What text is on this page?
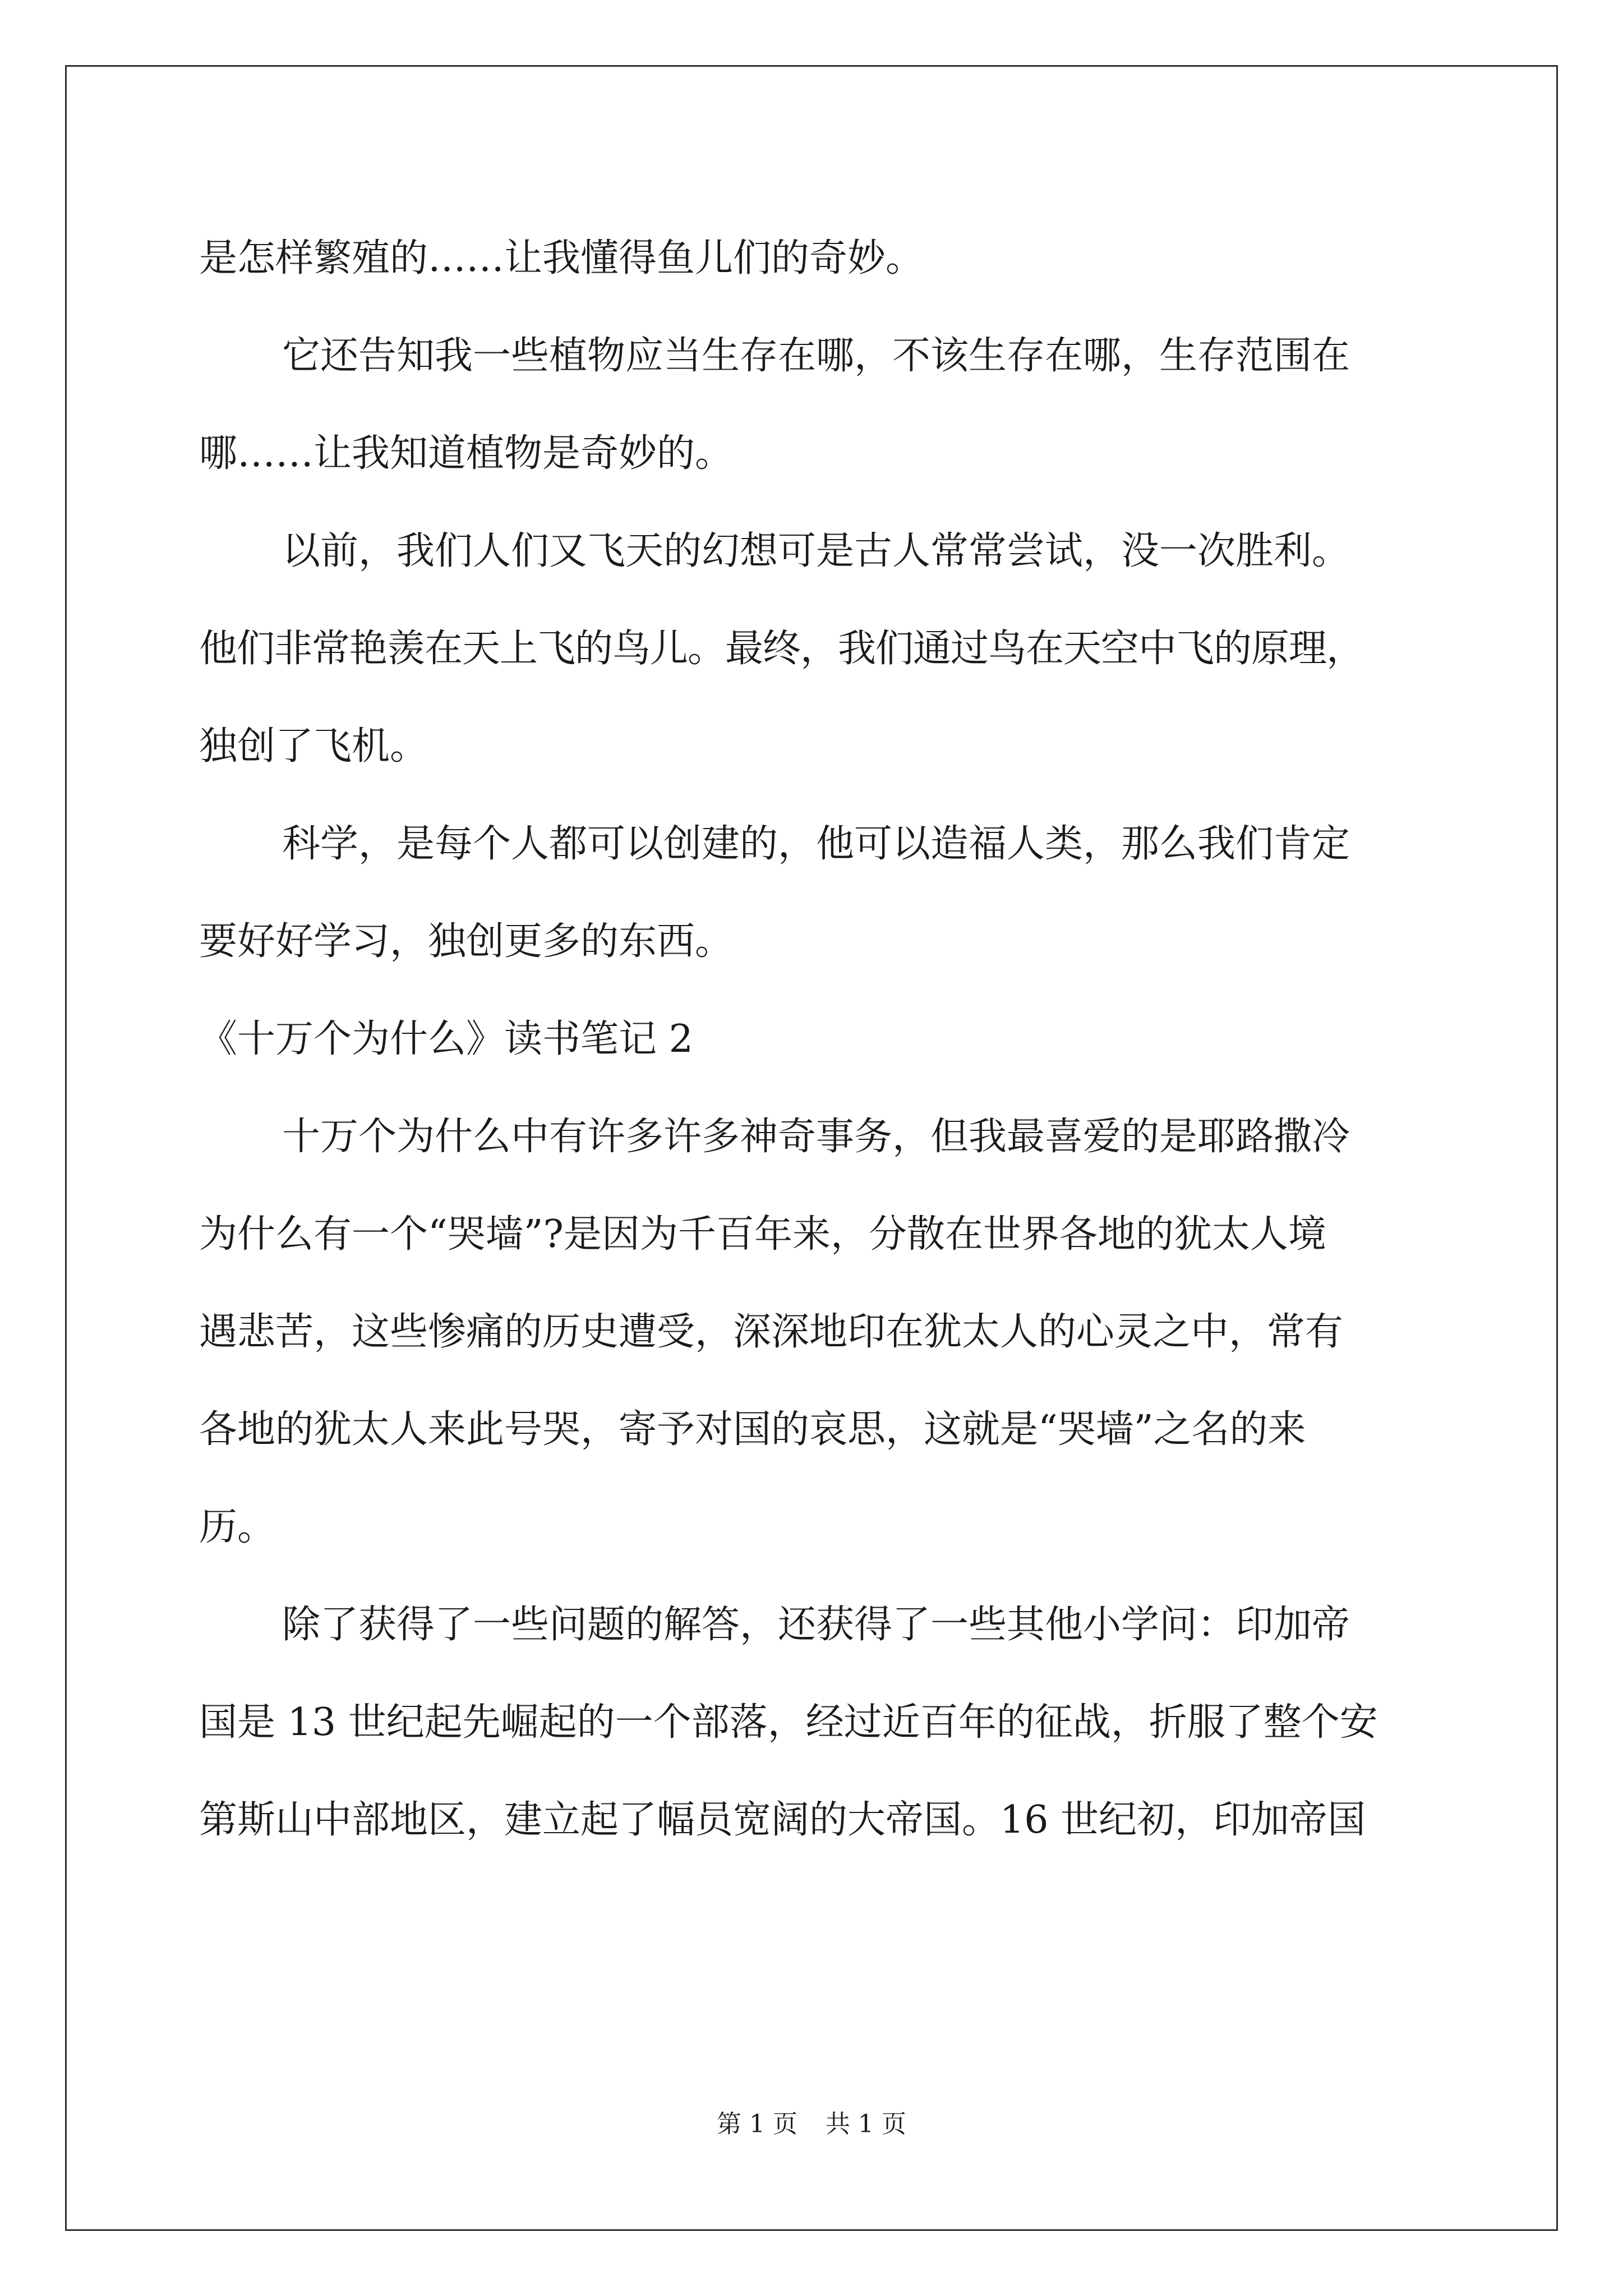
是怎样繁殖的……让我懂得鱼儿们的奇妙。
它还告知我一些植物应当生存在哪，不该生存在哪，生存范围在
哪……让我知道植物是奇妙的。
以前，我们人们又飞天的幻想可是古人常常尝试，没一次胜利。
他们非常艳羡在天上飞的鸟儿。最终，我们通过鸟在天空中飞的原理，
独创了飞机。
科学，是每个人都可以创建的，他可以造福人类，那么我们肯定
要好好学习，独创更多的东西。
《十万个为什么》读书笔记 2
十万个为什么中有许多许多神奇事务，但我最喜爱的是耶路撒冷
为什么有一个“哭墙”?是因为千百年来，分散在世界各地的犹太人境
遇悲苦，这些惨痛的历史遭受，深深地印在犹太人的心灵之中，常有
各地的犹太人来此号哭，寄予对国的哀思，这就是“哭墙”之名的来
历。
除了获得了一些问题的解答，还获得了一些其他小学问：印加帝
国是 13 世纪起先崛起的一个部落，经过近百年的征战，折服了整个安
第斯山中部地区，建立起了幅员宽阔的大帝国。16 世纪初，印加帝国
第 1 页 共 1 页
